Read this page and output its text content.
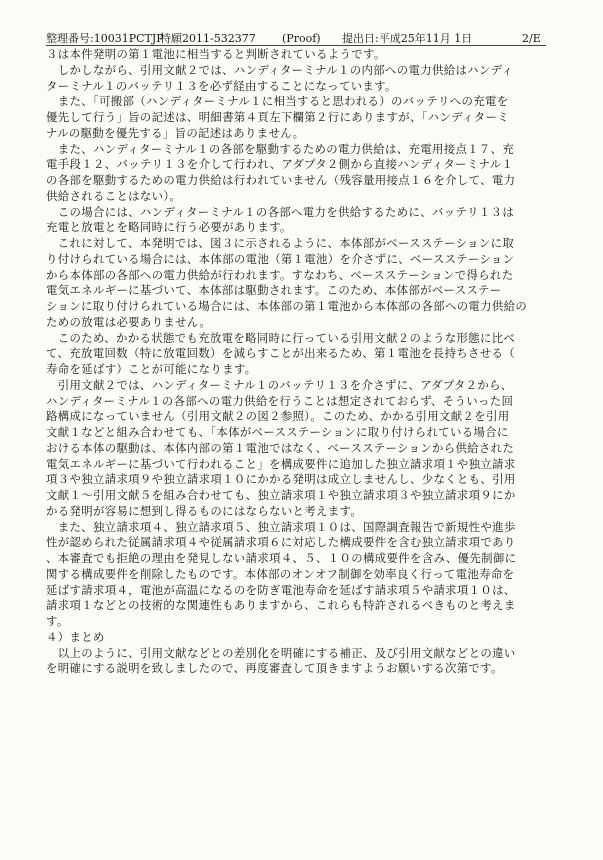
整理番号:10031PCTJP
特願2011-532377 (Proof) 提出日:平成25年11月 1日	2/E
３は本件発明の第１電池に相当すると判断されているようです。
　しかしながら、引用文献２では、ハンディターミナル１の内部への電力供給はハンディ
ターミナル１のバッテリ１３を必ず経由することになっています。
　また、「可搬部（ハンディターミナル１に相当すると思われる）のバッテリへの充電を
優先して行う」旨の記述は、明細書第４頁左下欄第２行にありますが、「ハンディターミ
ナルの駆動を優先する」旨の記述はありません。
　また、ハンディターミナル１の各部を駆動するための電力供給は、充電用接点１７、充
電手段１２、バッテリ１３を介して行われ、アダプタ２側から直接ハンディターミナル１
の各部を駆動するための電力供給は行われていません（残容量用接点１６を介して、電力
供給されることはない）。
　この場合には、ハンディターミナル１の各部へ電力を供給するために、バッテリ１３は
充電と放電とを略同時に行う必要があります。
　これに対して、本発明では、図３に示されるように、本体部がベースステーションに取
り付けられている場合には、本体部の電池（第１電池）を介さずに、ベースステーション
から本体部の各部への電力供給が行われます。すなわち、ベースステーションで得られた
電気エネルギーに基づいて、本体部は駆動されます。このため、本体部がベースステー
ションに取り付けられている場合には、本体部の第１電池から本体部の各部への電力供給の
ための放電は必要ありません。
　このため、かかる状態でも充放電を略同時に行っている引用文献２のような形態に比べ
て、充放電回数（特に放電回数）を減らすことが出来るため、第１電池を長持ちさせる（
寿命を延ばす）ことが可能になります。
　引用文献２では、ハンディターミナル１のバッテリ１３を介さずに、アダプタ２から、
ハンディターミナル１の各部への電力供給を行うことは想定されておらず、そういった回
路構成になっていません（引用文献２の図２参照）。このため、かかる引用文献２を引用
文献１などと組み合わせても、「本体がベースステーションに取り付けられている場合に
おける本体の駆動は、本体内部の第１電池ではなく、ベースステーションから供給された
電気エネルギーに基づいて行われること」を構成要件に追加した独立請求項１や独立請求
項３や独立請求項９や独立請求項１０にかかる発明は成立しませんし、少なくとも、引用
文献１〜引用文献５を組み合わせても、独立請求項１や独立請求項３や独立請求項９にか
かる発明が容易に想到し得るものにはならないと考えます。
　また、独立請求項４、独立請求項５、独立請求項１０は、国際調査報告で新規性や進歩
性が認められた従属請求項４や従属請求項６に対応した構成要件を含む独立請求項であり
、本審査でも拒絶の理由を発見しない請求項４、５、１０の構成要件を含み、優先制御に
関する構成要件を削除したものです。本体部のオンオフ制御を効率良く行って電池寿命を
延ばす請求項４，電池が高温になるのを防ぎ電池寿命を延ばす請求項５や請求項１０は、
請求項１などとの技術的な関連性もありますから、これらも特許されるべきものと考えま
す。
４）まとめ
　以上のように、引用文献などとの差別化を明確にする補正、及び引用文献などとの違い
を明確にする説明を致しましたので、再度審査して頂きますようお願いする次第です。
